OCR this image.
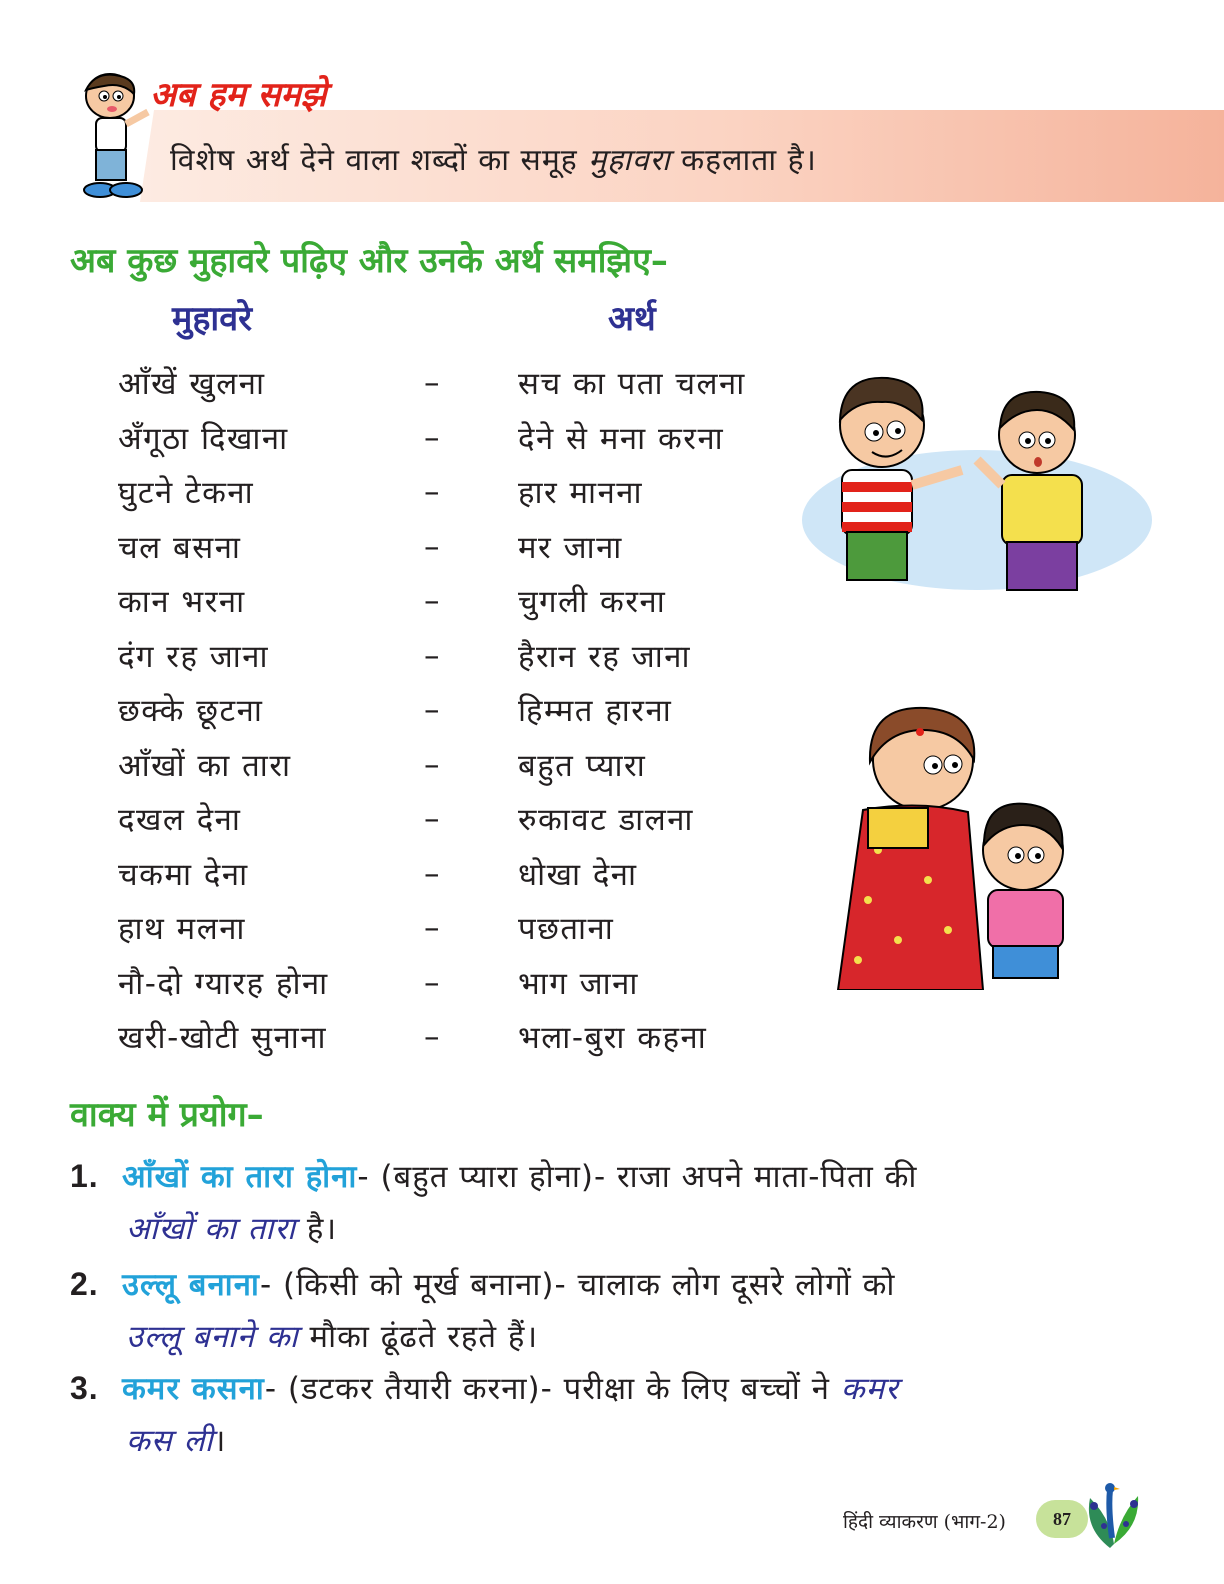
अब हम समझे
विशेष अर्थ देने वाला शब्दों का समूह मुहावरा कहलाता है।
अब कुछ मुहावरे पढ़िए और उनके अर्थ समझिए–
मुहावरे	अर्थ
आँखें खुलना	–	सच का पता चलना
अँगूठा दिखाना	–	देने से मना करना
घुटने टेकना	–	हार मानना
चल बसना	–	मर जाना
कान भरना	–	चुगली करना
दंग रह जाना	–	हैरान रह जाना
छक्के छूटना	–	हिम्मत हारना
आँखों का तारा	–	बहुत प्यारा
दखल देना	–	रुकावट डालना
चकमा देना	–	धोखा देना
हाथ मलना	–	पछताना
नौ-दो ग्यारह होना	–	भाग जाना
खरी-खोटी सुनाना	–	भला-बुरा कहना
वाक्य में प्रयोग–
1. आँखों का तारा होना- (बहुत प्यारा होना)- राजा अपने माता-पिता की
आँखों का तारा है।
2. उल्लू बनाना- (किसी को मूर्ख बनाना)- चालाक लोग दूसरे लोगों को
उल्लू बनाने का मौका ढूंढते रहते हैं।
3. कमर कसना- (डटकर तैयारी करना)- परीक्षा के लिए बच्चों ने कमर
कस ली।
हिंदी व्याकरण (भाग-2)	87
